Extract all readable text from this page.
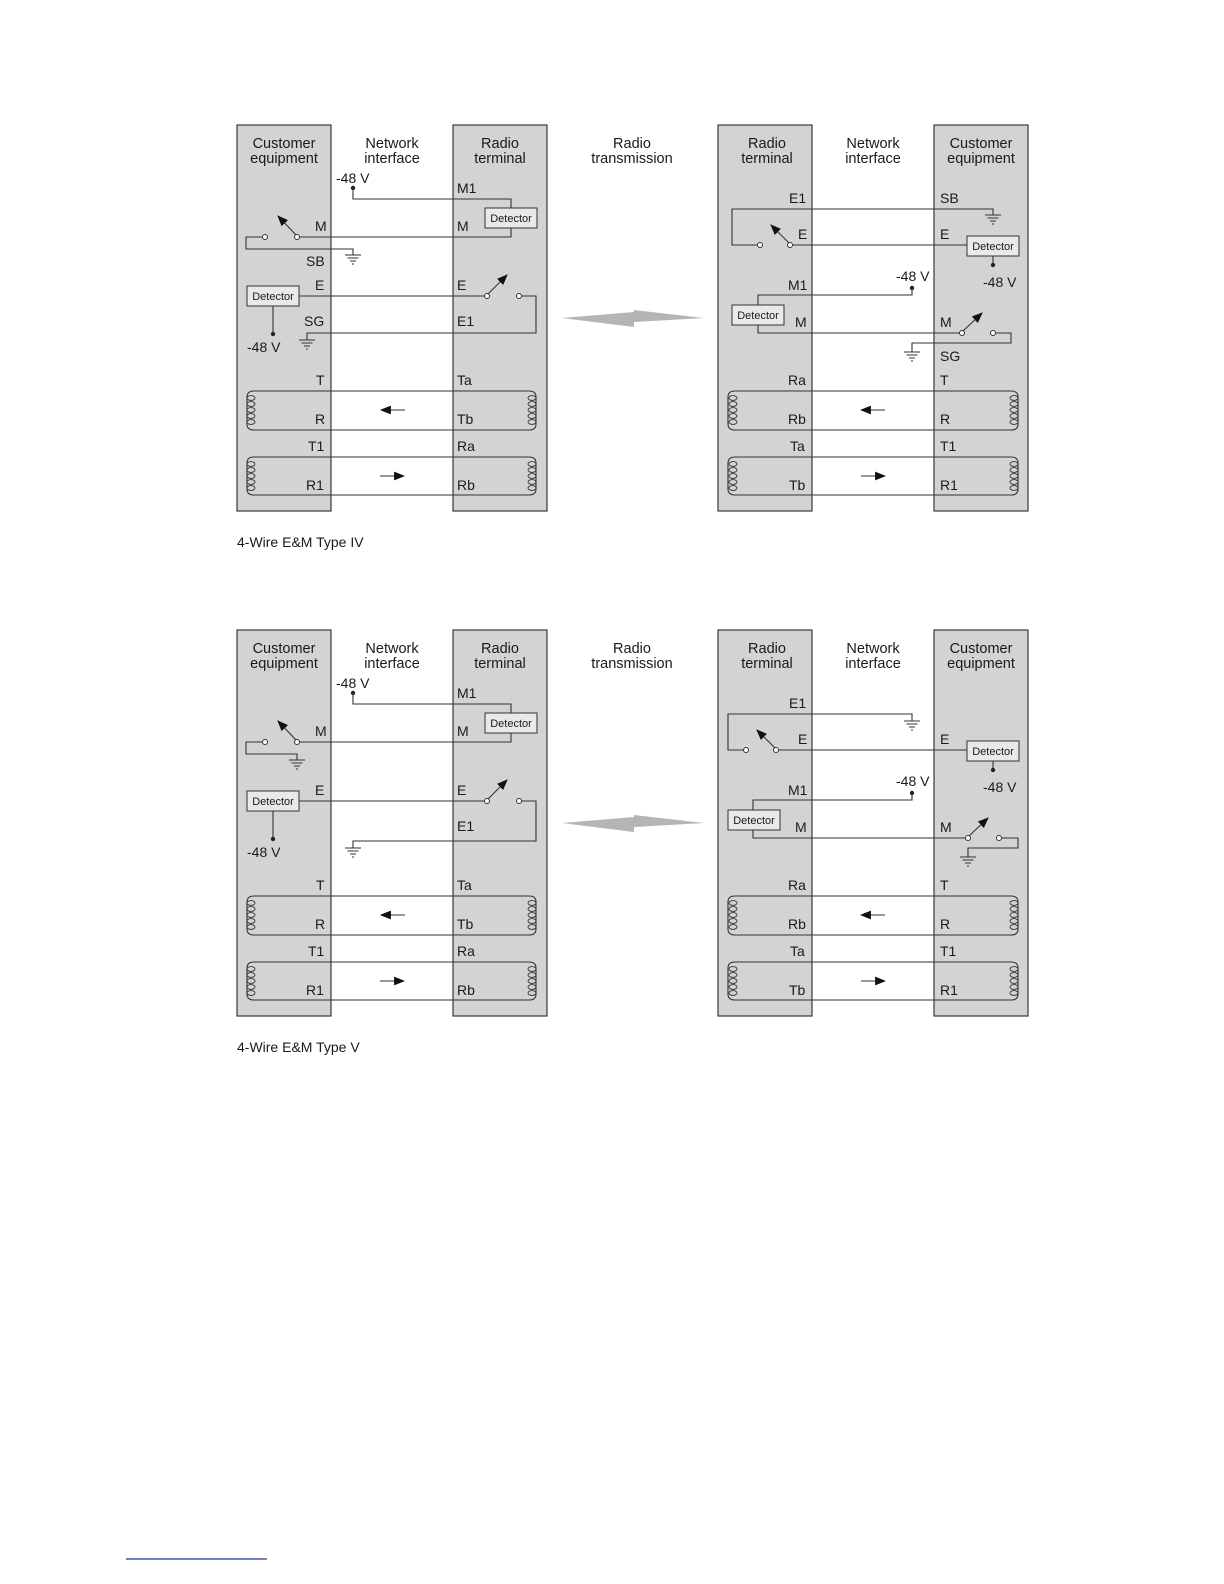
Customer
equipment
Network
interface
Radio
terminal
Radio
transmission
Radio
terminal
Network
interface
Customer
equipment
-48 V
M1
Detector
M	M
SB
Detector
E	E
SG	E1
-48 V
T	Ta
R	Tb
T1	Ra
R1	Rb
E1	SB
E	E
Detector
-48 V
-48 V
M1
Detector M	M
SG
Ra	T
Rb	R
Ta	T1
Tb	R1
4-Wire E&M Type IV
Customer
equipment
Network
interface
Radio
terminal
Radio
transmission
Radio
terminal
Network
interface
Customer
equipment
-48 V
M1
Detector
M	M
Detector
E	E
E1
-48 V
T	Ta
R	Tb
T1	Ra
R1	Rb
E1
E	E
Detector
-48 V
-48 V
M1
Detector M	M
Ra	T
Rb	R
Ta	T1
Tb	R1
4-Wire E&M Type V
